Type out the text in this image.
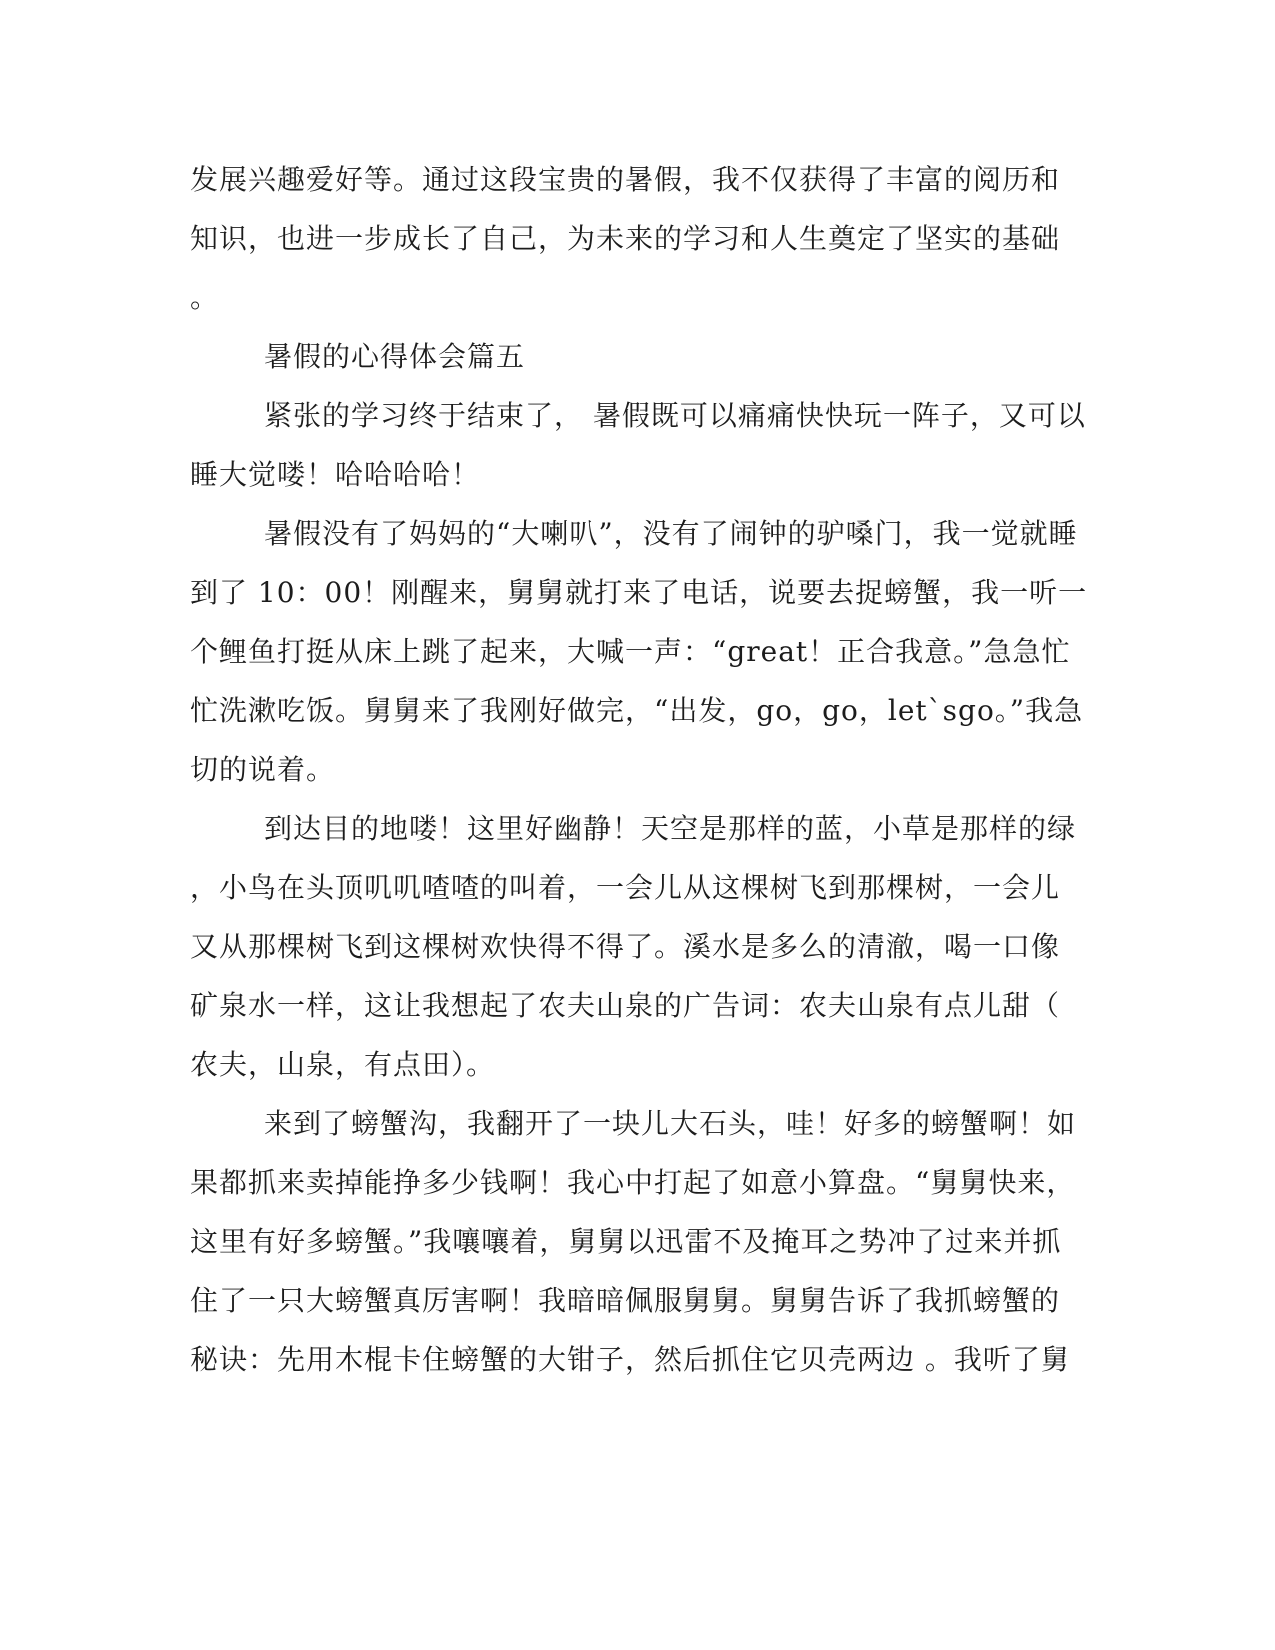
发展兴趣爱好等。通过这段宝贵的暑假，我不仅获得了丰富的阅历和
知识，也进一步成长了自己，为未来的学习和人生奠定了坚实的基础
。
暑假的心得体会篇五
紧张的学习终于结束了， 暑假既可以痛痛快快玩一阵子，又可以
睡大觉喽！哈哈哈哈！
暑假没有了妈妈的“大喇叭”，没有了闹钟的驴嗓门，我一觉就睡
到了 10：00！刚醒来，舅舅就打来了电话，说要去捉螃蟹，我一听一
个鲤鱼打挺从床上跳了起来，大喊一声：“great！正合我意。”急急忙
忙洗漱吃饭。舅舅来了我刚好做完，“出发，go，go，let`sgo。”我急
切的说着。
到达目的地喽！这里好幽静！天空是那样的蓝，小草是那样的绿
，小鸟在头顶叽叽喳喳的叫着，一会儿从这棵树飞到那棵树，一会儿
又从那棵树飞到这棵树欢快得不得了。溪水是多么的清澈，喝一口像
矿泉水一样，这让我想起了农夫山泉的广告词：农夫山泉有点儿甜（
农夫，山泉，有点田）。
来到了螃蟹沟，我翻开了一块儿大石头，哇！好多的螃蟹啊！如
果都抓来卖掉能挣多少钱啊！我心中打起了如意小算盘。“舅舅快来，
这里有好多螃蟹。”我嚷嚷着，舅舅以迅雷不及掩耳之势冲了过来并抓
住了一只大螃蟹真厉害啊！我暗暗佩服舅舅。舅舅告诉了我抓螃蟹的
秘诀：先用木棍卡住螃蟹的大钳子，然后抓住它贝壳两边 。我听了舅
